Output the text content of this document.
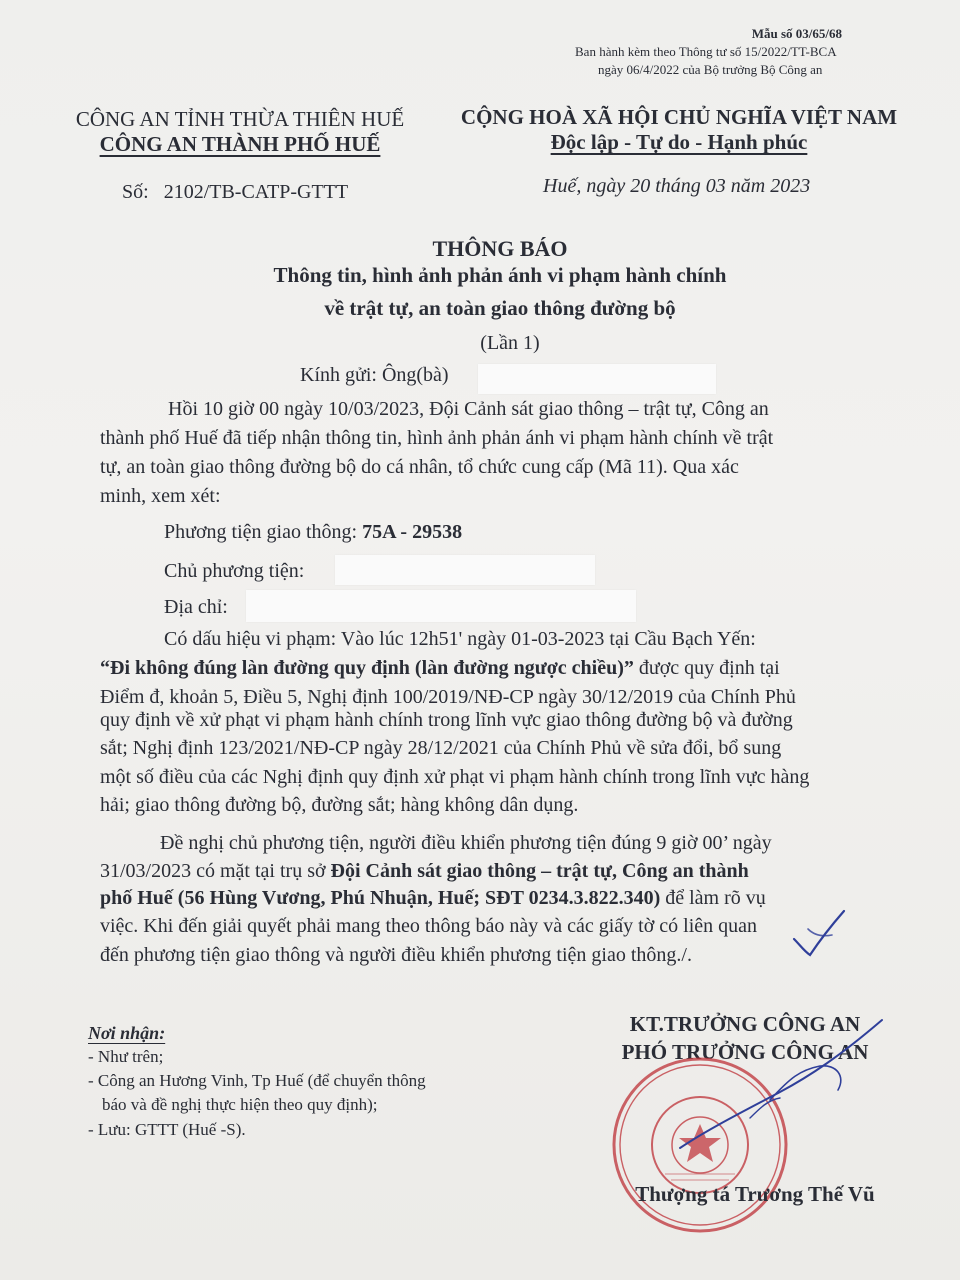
Mẫu số 03/65/68
Ban hành kèm theo Thông tư số 15/2022/TT-BCA
ngày 06/4/2022 của Bộ trưởng Bộ Công an
CÔNG AN TỈNH THỪA THIÊN HUẾ
CÔNG AN THÀNH PHỐ HUẾ
Số: 2102/TB-CATP-GTTT
CỘNG HOÀ XÃ HỘI CHỦ NGHĨA VIỆT NAM
Độc lập - Tự do - Hạnh phúc
Huế, ngày 20 tháng 03 năm 2023
THÔNG BÁO
Thông tin, hình ảnh phản ánh vi phạm hành chính
về trật tự, an toàn giao thông đường bộ
(Lần 1)
Kính gửi: Ông(bà)
Hồi 10 giờ 00 ngày 10/03/2023, Đội Cảnh sát giao thông – trật tự, Công an
thành phố Huế đã tiếp nhận thông tin, hình ảnh phản ánh vi phạm hành chính về trật
tự, an toàn giao thông đường bộ do cá nhân, tổ chức cung cấp (Mã 11). Qua xác
minh, xem xét:
Phương tiện giao thông: 75A - 29538
Chủ phương tiện:
Địa chỉ:
Có dấu hiệu vi phạm: Vào lúc 12h51' ngày 01-03-2023 tại Cầu Bạch Yến:
“Đi không đúng làn đường quy định (làn đường ngược chiều)” được quy định tại
Điểm đ, khoản 5, Điều 5, Nghị định 100/2019/NĐ-CP ngày 30/12/2019 của Chính Phủ
quy định về xử phạt vi phạm hành chính trong lĩnh vực giao thông đường bộ và đường
sắt; Nghị định 123/2021/NĐ-CP ngày 28/12/2021 của Chính Phủ về sửa đổi, bổ sung
một số điều của các Nghị định quy định xử phạt vi phạm hành chính trong lĩnh vực hàng
hải; giao thông đường bộ, đường sắt; hàng không dân dụng.
Đề nghị chủ phương tiện, người điều khiển phương tiện đúng 9 giờ 00’ ngày
31/03/2023 có mặt tại trụ sở Đội Cảnh sát giao thông – trật tự, Công an thành
phố Huế (56 Hùng Vương, Phú Nhuận, Huế; SĐT 0234.3.822.340) để làm rõ vụ
việc. Khi đến giải quyết phải mang theo thông báo này và các giấy tờ có liên quan
đến phương tiện giao thông và người điều khiển phương tiện giao thông./.
Nơi nhận:
- Như trên;
- Công an Hương Vinh, Tp Huế (để chuyển thông
báo và đề nghị thực hiện theo quy định);
- Lưu: GTTT (Huế -S).
KT.TRƯỞNG CÔNG AN
PHÓ TRƯỞNG CÔNG AN
Thượng tá Trương Thế Vũ
